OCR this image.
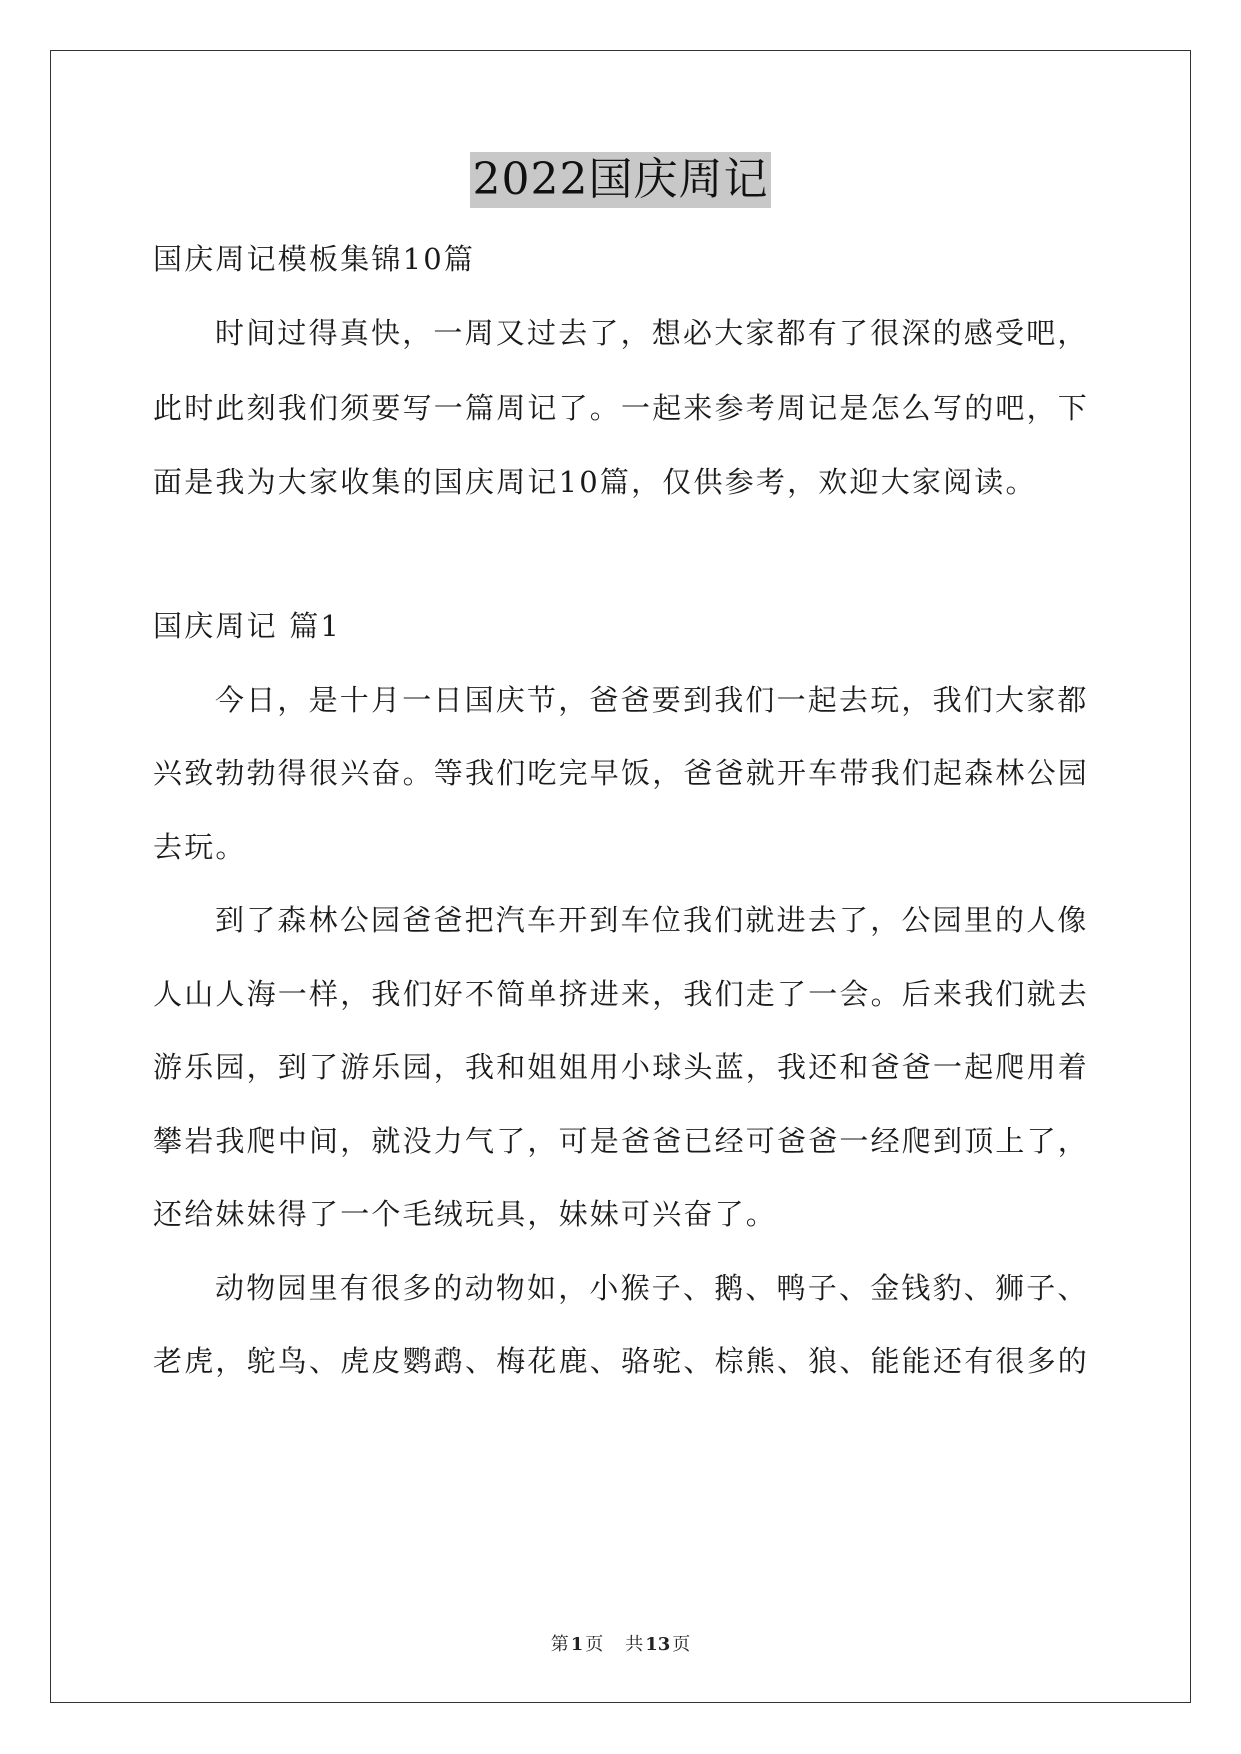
2022国庆周记
国庆周记模板集锦10篇
时间过得真快，一周又过去了，想必大家都有了很深的感受吧，
此时此刻我们须要写一篇周记了。一起来参考周记是怎么写的吧，下
面是我为大家收集的国庆周记10篇，仅供参考，欢迎大家阅读。
国庆周记 篇1
今日，是十月一日国庆节，爸爸要到我们一起去玩，我们大家都
兴致勃勃得很兴奋。等我们吃完早饭，爸爸就开车带我们起森林公园
去玩。
到了森林公园爸爸把汽车开到车位我们就进去了，公园里的人像
人山人海一样，我们好不简单挤进来，我们走了一会。后来我们就去
游乐园，到了游乐园，我和姐姐用小球头蓝，我还和爸爸一起爬用着
攀岩我爬中间，就没力气了，可是爸爸已经可爸爸一经爬到顶上了，
还给妹妹得了一个毛绒玩具，妹妹可兴奋了。
动物园里有很多的动物如，小猴子、鹅、鸭子、金钱豹、狮子、
老虎，鸵鸟、虎皮鹦鹉、梅花鹿、骆驼、棕熊、狼、能能还有很多的
第 1 页 共 13 页
